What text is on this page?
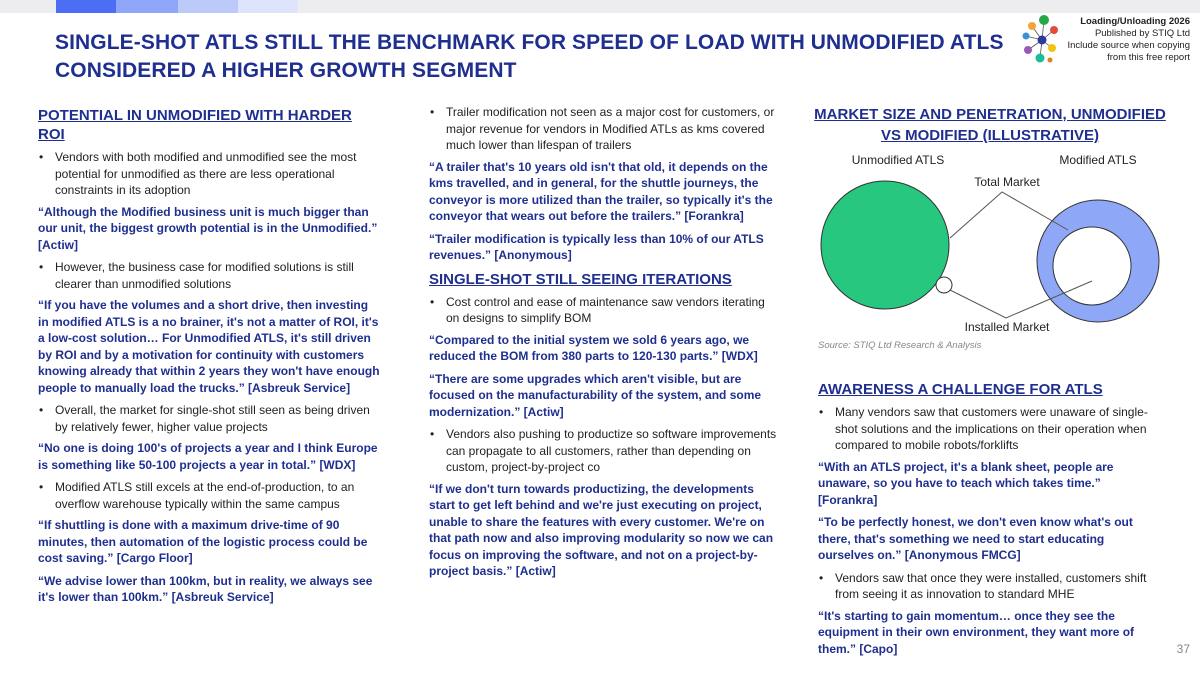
SINGLE-SHOT ATLS STILL THE BENCHMARK FOR SPEED OF LOAD WITH UNMODIFIED ATLS CONSIDERED A HIGHER GROWTH SEGMENT
Loading/Unloading 2026
Published by STIQ Ltd
Include source when copying
from this free report
POTENTIAL IN UNMODIFIED WITH HARDER ROI
• Vendors with both modified and unmodified see the most potential for unmodified as there are less operational constraints in its adoption
“Although the Modified business unit is much bigger than our unit, the biggest growth potential is in the Unmodified.” [Actiw]
• However, the business case for modified solutions is still clearer than unmodified solutions
“If you have the volumes and a short drive, then investing in modified ATLS is a no brainer, it's not a matter of ROI, it's a low-cost solution… For Unmodified ATLS, it's still driven by ROI and by a motivation for continuity with customers knowing already that within 2 years they won't have enough people to manually load the trucks.” [Asbreuk Service]
• Overall, the market for single-shot still seen as being driven by relatively fewer, higher value projects
“No one is doing 100's of projects a year and I think Europe is something like 50-100 projects a year in total.” [WDX]
• Modified ATLS still excels at the end-of-production, to an overflow warehouse typically within the same campus
“If shuttling is done with a maximum drive-time of 90 minutes, then automation of the logistic process could be cost saving.” [Cargo Floor]
“We advise lower than 100km, but in reality, we always see it's lower than 100km.” [Asbreuk Service]
• Trailer modification not seen as a major cost for customers, or major revenue for vendors in Modified ATLs as kms covered much lower than lifespan of trailers
“A trailer that's 10 years old isn't that old, it depends on the kms travelled, and in general, for the shuttle journeys, the conveyor is more utilized than the trailer, so typically it's the conveyor that wears out before the trailers.” [Forankra]
“Trailer modification is typically less than 10% of our ATLS revenues.” [Anonymous]
SINGLE-SHOT STILL SEEING ITERATIONS
• Cost control and ease of maintenance saw vendors iterating on designs to simplify BOM
“Compared to the initial system we sold 6 years ago, we reduced the BOM from 380 parts to 120-130 parts.” [WDX]
“There are some upgrades which aren't visible, but are focused on the manufacturability of the system, and some modernization.” [Actiw]
• Vendors also pushing to productize so software improvements can propagate to all customers, rather than depending on custom, project-by-project co
“If we don't turn towards productizing, the developments start to get left behind and we're just executing on project, unable to share the features with every customer. We're on that path now and also improving modularity so now we can focus on improving the software, and not on a project-by-project basis.” [Actiw]
MARKET SIZE AND PENETRATION, UNMODIFIED VS MODIFIED (ILLUSTRATIVE)
Unmodified ATLS	Modified ATLS
Total Market
Installed Market
Source: STIQ Ltd Research & Analysis
AWARENESS A CHALLENGE FOR ATLS
• Many vendors saw that customers were unaware of single-shot solutions and the implications on their operation when compared to mobile robots/forklifts
“With an ATLS project, it's a blank sheet, people are unaware, so you have to teach which takes time.” [Forankra]
“To be perfectly honest, we don't even know what's out there, that's something we need to start educating ourselves on.” [Anonymous FMCG]
• Vendors saw that once they were installed, customers shift from seeing it as innovation to standard MHE
“It's starting to gain momentum… once they see the equipment in their own environment, they want more of them.” [Capo]	37
